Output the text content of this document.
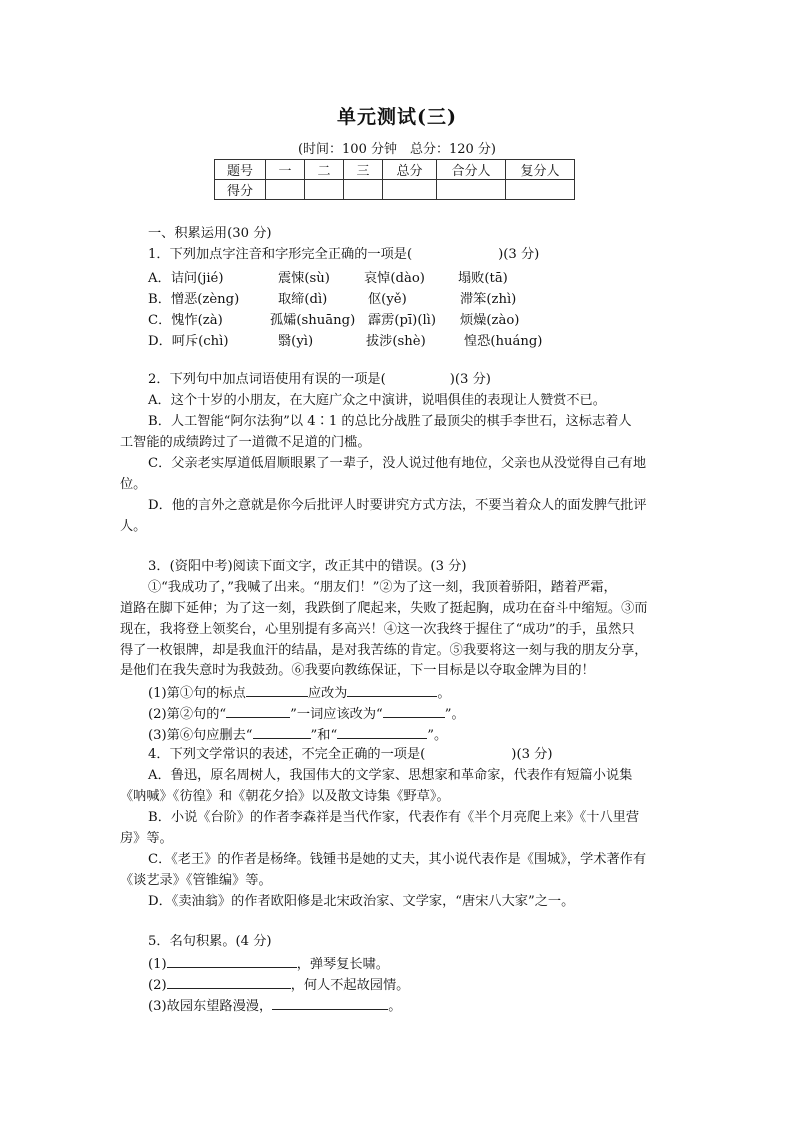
单元测试(三)
(时间：100 分钟　总分：120 分)
题号	一	二	三	总分	合分人	复分人
得分						
一、积累运用(30 分)
1．下列加点字注音和字形完全正确的一项是(	)(3 分)
A．诘问(jié)	震悚(sù)	哀悼(dào)	塌败(tā)
B．憎恶(zèng)	取缔(dì)	伛(yě)	滞笨(zhì)
C．愧怍(zà)	孤孀(shuāng) 霹雳(pī)(lì) 烦燥(zào)
D．呵斥(chì)	翳(yì)	拔涉(shè)	惶恐(huáng)
2．下列句中加点词语使用有误的一项是(	)(3 分)
A．这个十岁的小朋友，在大庭广众之中演讲，说唱俱佳的表现让人赞赏不已。
B．人工智能“阿尔法狗”以 4∶1 的总比分战胜了最顶尖的棋手李世石，这标志着人
工智能的成绩跨过了一道微不足道的门槛。
C．父亲老实厚道低眉顺眼累了一辈子，没人说过他有地位，父亲也从没觉得自己有地
位。
D．他的言外之意就是你今后批评人时要讲究方式方法，不要当着众人的面发脾气批评
人。
3．(资阳中考)阅读下面文字，改正其中的错误。(3 分)
①“我成功了，”我喊了出来。“朋友们！”②为了这一刻，我顶着骄阳，踏着严霜，
道路在脚下延伸；为了这一刻，我跌倒了爬起来，失败了挺起胸，成功在奋斗中缩短。③而
现在，我将登上领奖台，心里别提有多高兴！④这一次我终于握住了“成功”的手，虽然只
得了一枚银牌，却是我血汗的结晶，是对我苦练的肯定。⑤我要将这一刻与我的朋友分享，
是他们在我失意时为我鼓劲。⑥我要向教练保证，下一目标是以夺取金牌为目的！
(1)第①句的标点	应改为	。
(2)第②句的“	”一词应该改为“	”。
(3)第⑥句应删去“	”和“	”。
4．下列文学常识的表述，不完全正确的一项是(	)(3 分)
A．鲁迅，原名周树人，我国伟大的文学家、思想家和革命家，代表作有短篇小说集
《呐喊》《彷徨》和《朝花夕拾》以及散文诗集《野草》。
B．小说《台阶》的作者李森祥是当代作家，代表作有《半个月亮爬上来》《十八里营
房》等。
C．《老王》的作者是杨绛。钱锺书是她的丈夫，其小说代表作是《围城》，学术著作有
《谈艺录》《管锥编》等。
D．《卖油翁》的作者欧阳修是北宋政治家、文学家，“唐宋八大家”之一。
5．名句积累。(4 分)
(1)	，弹琴复长啸。
(2)	，何人不起故园情。
(3)故园东望路漫漫，	。
